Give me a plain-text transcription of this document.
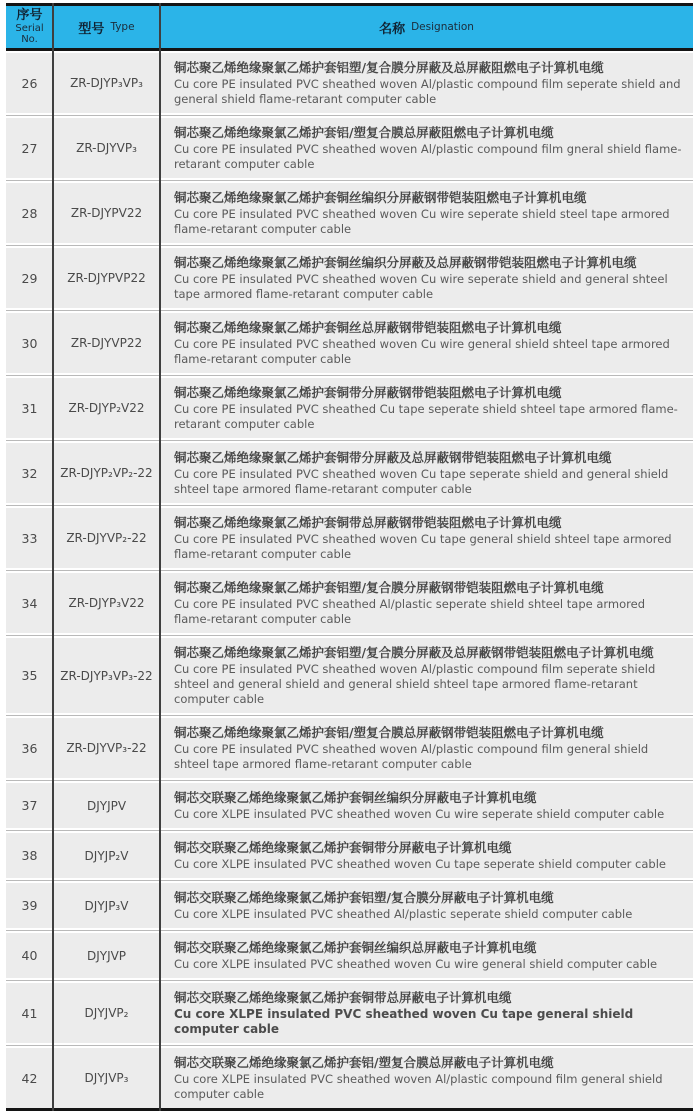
序号
Serial
No.
型号 Type	名称 Designation
26	ZR-DJYP₃VP₃
铜芯聚乙烯绝缘聚氯乙烯护套铝塑/复合膜分屏蔽及总屏蔽阻燃电子计算机电缆
Cu core PE insulated PVC sheathed woven Al/plastic compound film seperate shield and general shield flame-retarant computer cable
27	ZR-DJYVP₃
铜芯聚乙烯绝缘聚氯乙烯护套铝/塑复合膜总屏蔽阻燃电子计算机电缆
Cu core PE insulated PVC sheathed woven Al/plastic compound film gneral shield flame-retarant computer cable
28	ZR-DJYPV22
铜芯聚乙烯绝缘聚氯乙烯护套铜丝编织分屏蔽钢带铠装阻燃电子计算机电缆
Cu core PE insulated PVC sheathed woven Cu wire seperate shield steel tape armored flame-retarant computer cable
29	ZR-DJYPVP22
铜芯聚乙烯绝缘聚氯乙烯护套铜丝编织分屏蔽及总屏蔽钢带铠装阻燃电子计算机电缆
Cu core PE insulated PVC sheathed woven Cu wire seperate shield and general shteel tape armored flame-retarant computer cable
30	ZR-DJYVP22
铜芯聚乙烯绝缘聚氯乙烯护套铜丝总屏蔽钢带铠装阻燃电子计算机电缆
Cu core PE insulated PVC sheathed woven Cu wire general shield shteel tape armored flame-retarant computer cable
31	ZR-DJYP₂V22
铜芯聚乙烯绝缘聚氯乙烯护套铜带分屏蔽钢带铠装阻燃电子计算机电缆
Cu core PE insulated PVC sheathed Cu tape seperate shield shteel tape armored flame-retarant computer cable
32	ZR-DJYP₂VP₂-22
铜芯聚乙烯绝缘聚氯乙烯护套铜带分屏蔽及总屏蔽钢带铠装阻燃电子计算机电缆
Cu core PE insulated PVC sheathed woven Cu tape seperate shield and general shield shteel tape armored flame-retarant computer cable
33	ZR-DJYVP₂-22
铜芯聚乙烯绝缘聚氯乙烯护套铜带总屏蔽钢带铠装阻燃电子计算机电缆
Cu core PE insulated PVC sheathed woven Cu tape general shield shteel tape armored flame-retarant computer cable
34	ZR-DJYP₃V22
铜芯聚乙烯绝缘聚氯乙烯护套铝塑/复合膜分屏蔽钢带铠装阻燃电子计算机电缆
Cu core PE insulated PVC sheathed Al/plastic seperate shield shteel tape armored flame-retarant computer cable
35	ZR-DJYP₃VP₃-22
铜芯聚乙烯绝缘聚氯乙烯护套铝塑/复合膜分屏蔽及总屏蔽钢带铠装阻燃电子计算机电缆
Cu core PE insulated PVC sheathed woven Al/plastic compound film seperate shield shteel and general shield and general shield shteel tape armored flame-retarant computer cable
36	ZR-DJYVP₃-22
铜芯聚乙烯绝缘聚氯乙烯护套铝/塑复合膜总屏蔽钢带铠装阻燃电子计算机电缆
Cu core PE insulated PVC sheathed woven Al/plastic compound film general shield shteel tape armored flame-retarant computer cable
37	DJYJPV
铜芯交联聚乙烯绝缘聚氯乙烯护套铜丝编织分屏蔽电子计算机电缆
Cu core XLPE insulated PVC sheathed woven Cu wire seperate shield computer cable
38	DJYJP₂V
铜芯交联聚乙烯绝缘聚氯乙烯护套铜带分屏蔽电子计算机电缆
Cu core XLPE insulated PVC sheathed woven Cu tape seperate shield computer cable
39	DJYJP₃V
铜芯交联聚乙烯绝缘聚氯乙烯护套铝塑/复合膜分屏蔽电子计算机电缆
Cu core XLPE insulated PVC sheathed Al/plastic seperate shield computer cable
40	DJYJVP
铜芯交联聚乙烯绝缘聚氯乙烯护套铜丝编织总屏蔽电子计算机电缆
Cu core XLPE insulated PVC sheathed woven Cu wire general shield computer cable
41	DJYJVP₂
铜芯交联聚乙烯绝缘聚氯乙烯护套铜带总屏蔽电子计算机电缆
Cu core XLPE insulated PVC sheathed woven Cu tape general shield computer cable
42	DJYJVP₃
铜芯交联聚乙烯绝缘聚氯乙烯护套铝/塑复合膜总屏蔽电子计算机电缆
Cu core XLPE insulated PVC sheathed woven Al/plastic compound film general shield computer cable
